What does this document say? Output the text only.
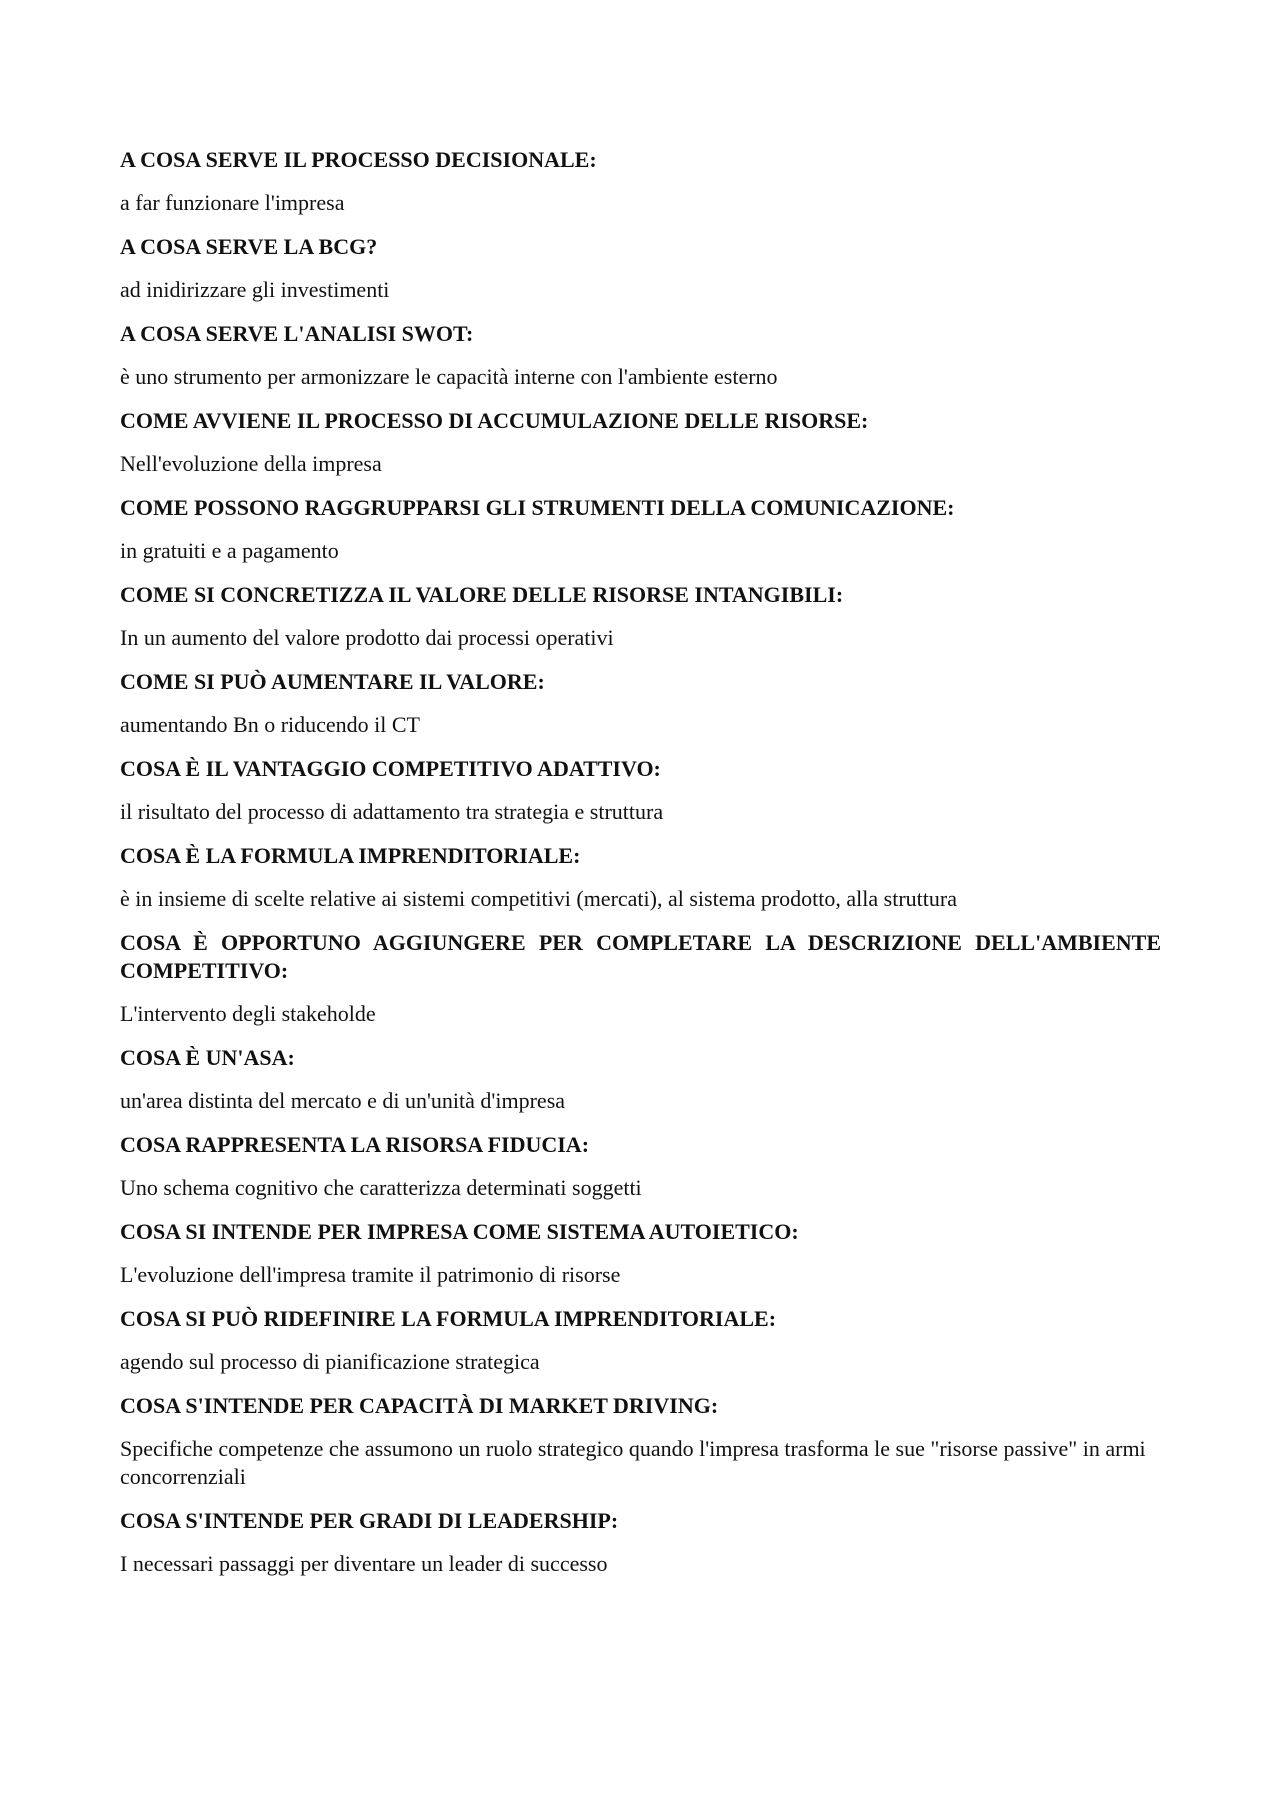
A COSA SERVE IL PROCESSO DECISIONALE:

a far funzionare l'impresa

A COSA SERVE LA BCG?

ad inidirizzare gli investimenti

A COSA SERVE L'ANALISI SWOT:

è uno strumento per armonizzare le capacità interne con l'ambiente esterno

COME AVVIENE IL PROCESSO DI ACCUMULAZIONE DELLE RISORSE:

Nell'evoluzione della impresa

COME POSSONO RAGGRUPPARSI GLI STRUMENTI DELLA COMUNICAZIONE:

in gratuiti e a pagamento

COME SI CONCRETIZZA IL VALORE DELLE RISORSE INTANGIBILI:

In un aumento del valore prodotto dai processi operativi

COME SI PUÒ AUMENTARE IL VALORE:

aumentando Bn o riducendo il CT

COSA È IL VANTAGGIO COMPETITIVO ADATTIVO:

il risultato del processo di adattamento tra strategia e struttura

COSA È LA FORMULA IMPRENDITORIALE:

è in insieme di scelte relative ai sistemi competitivi (mercati), al sistema prodotto, alla struttura

COSA È OPPORTUNO AGGIUNGERE PER COMPLETARE LA DESCRIZIONE DELL'AMBIENTE COMPETITIVO:

L'intervento degli stakeholde

COSA È UN'ASA:

un'area distinta del mercato e di un'unità d'impresa

COSA RAPPRESENTA LA RISORSA FIDUCIA:

Uno schema cognitivo che caratterizza determinati soggetti

COSA SI INTENDE PER IMPRESA COME SISTEMA AUTOIETICO:

L'evoluzione dell'impresa tramite il patrimonio di risorse

COSA SI PUÒ RIDEFINIRE LA FORMULA IMPRENDITORIALE:

agendo sul processo di pianificazione strategica

COSA S'INTENDE PER CAPACITÀ DI MARKET DRIVING:

Specifiche competenze che assumono un ruolo strategico quando l'impresa trasforma le sue "risorse passive" in armi concorrenziali

COSA S'INTENDE PER GRADI DI LEADERSHIP:

I necessari passaggi per diventare un leader di successo
